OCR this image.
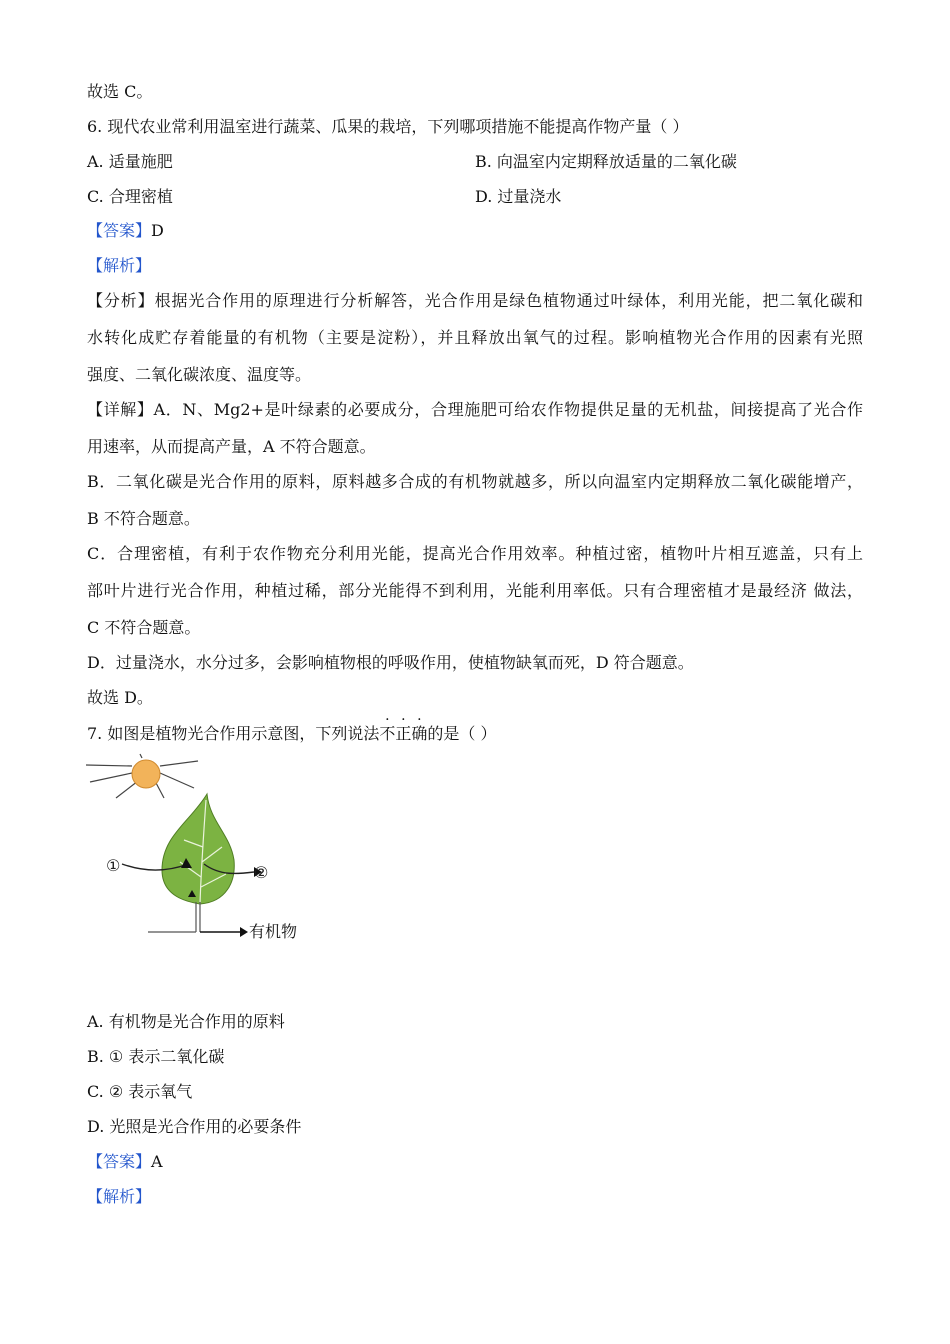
故选 C。
6. 现代农业常利用温室进行蔬菜、瓜果的栽培，下列哪项措施不能提高作物产量（ ）
A. 适量施肥	B. 向温室内定期释放适量的二氧化碳
C. 合理密植	D. 过量浇水
【答案】D
【解析】
【分析】根据光合作用的原理进行分析解答，光合作用是绿色植物通过叶绿体，利用光能，把二氧化碳和
水转化成贮存着能量的有机物（主要是淀粉），并且释放出氧气的过程。影响植物光合作用的因素有光照
强度、二氧化碳浓度、温度等。
【详解】A．N、Mg2+是叶绿素的必要成分，合理施肥可给农作物提供足量的无机盐，间接提高了光合作
用速率，从而提高产量，A 不符合题意。
B．二氧化碳是光合作用的原料，原料越多合成的有机物就越多，所以向温室内定期释放二氧化碳能增产，
B 不符合题意。
C．合理密植，有利于农作物充分利用光能，提高光合作用效率。种植过密，植物叶片相互遮盖，只有上
部叶片进行光合作用，种植过稀，部分光能得不到利用，光能利用率低。只有合理密植才是最经济 做法，
C 不符合题意。
D．过量浇水，水分过多，会影响植物根的呼吸作用，使植物缺氧而死，D 符合题意。
故选 D。
7. 如图是植物光合作用示意图，下列说法不正确的是（ ）
①	②
有机物
A. 有机物是光合作用的原料
B. ① 表示二氧化碳
C. ② 表示氧气
D. 光照是光合作用的必要条件
【答案】A
【解析】
